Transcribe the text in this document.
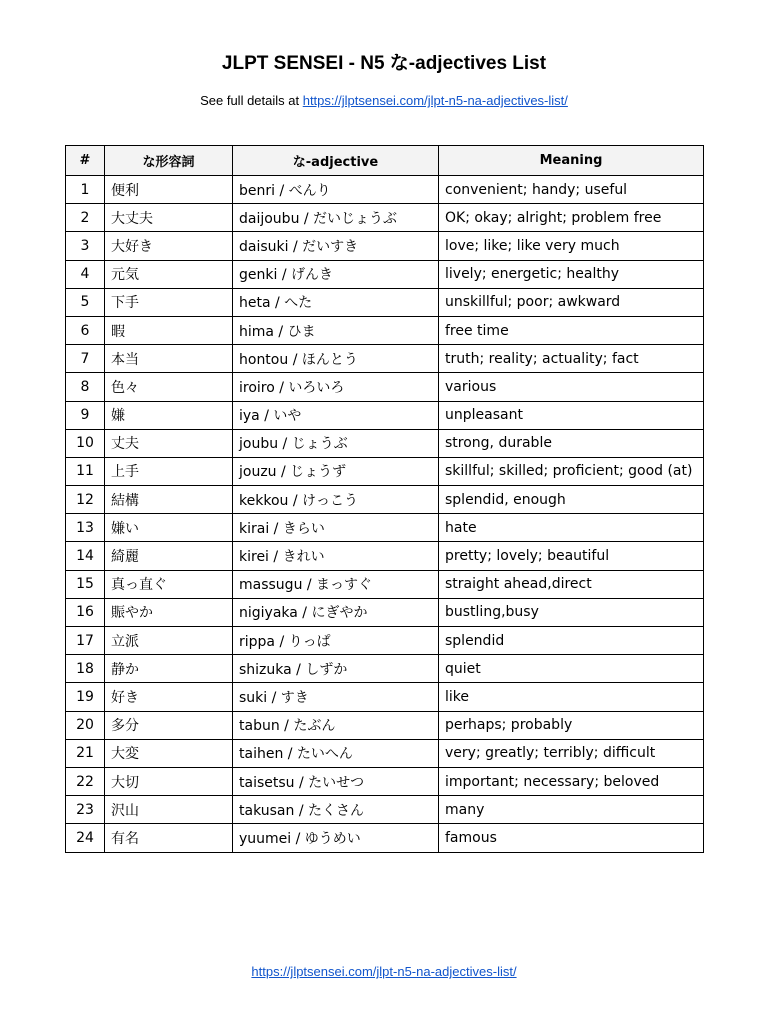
JLPT SENSEI - N5 な-adjectives List
See full details at https://jlptsensei.com/jlpt-n5-na-adjectives-list/
#	な形容詞	な-adjective	Meaning
1	便利	benri / べんり	convenient; handy; useful
2	大丈夫	daijoubu / だいじょうぶ	OK; okay; alright; problem free
3	大好き	daisuki / だいすき	love; like; like very much
4	元気	genki / げんき	lively; energetic; healthy
5	下手	heta / へた	unskillful; poor; awkward
6	暇	hima / ひま	free time
7	本当	hontou / ほんとう	truth; reality; actuality; fact
8	色々	iroiro / いろいろ	various
9	嫌	iya / いや	unpleasant
10	丈夫	joubu / じょうぶ	strong, durable
11	上手	jouzu / じょうず	skillful; skilled; proficient; good (at)
12	結構	kekkou / けっこう	splendid, enough
13	嫌い	kirai / きらい	hate
14	綺麗	kirei / きれい	pretty; lovely; beautiful
15	真っ直ぐ	massugu / まっすぐ	straight ahead,direct
16	賑やか	nigiyaka / にぎやか	bustling,busy
17	立派	rippa / りっぱ	splendid
18	静か	shizuka / しずか	quiet
19	好き	suki / すき	like
20	多分	tabun / たぶん	perhaps; probably
21	大変	taihen / たいへん	very; greatly; terribly; difficult
22	大切	taisetsu / たいせつ	important; necessary; beloved
23	沢山	takusan / たくさん	many
24	有名	yuumei / ゆうめい	famous
https://jlptsensei.com/jlpt-n5-na-adjectives-list/
